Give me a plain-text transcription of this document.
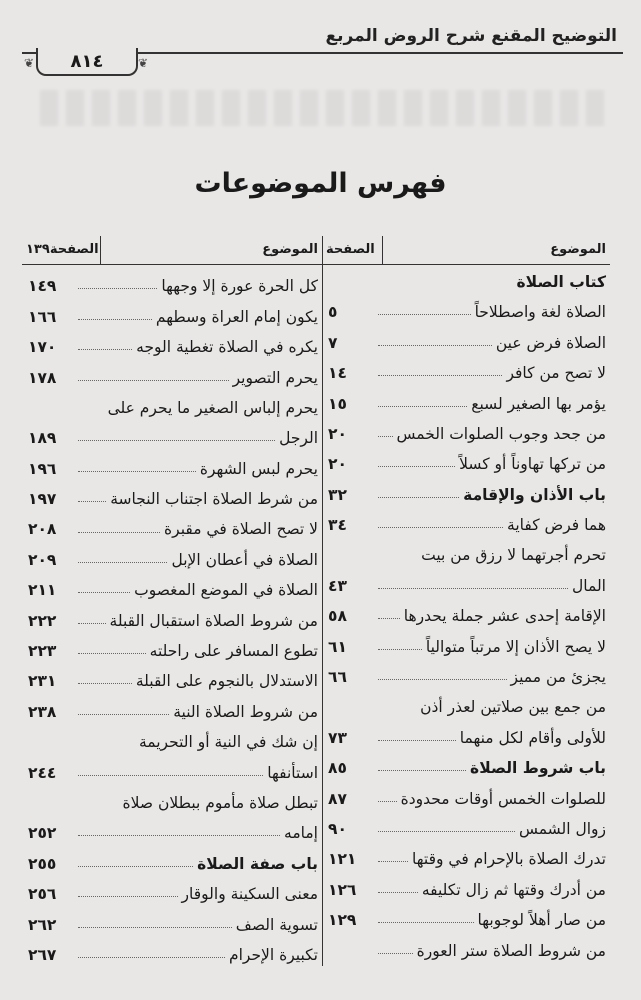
التوضيح المقنع شرح الروض المربع
❦	❦
٨١٤
فهرس الموضوعات
الموضوع
الصفحة
كتاب الصلاة
الصلاة لغة واصطلاحاً
٥
الصلاة فرض عين
٧
لا تصح من كافر
١٤
يؤمر بها الصغير لسبع
١٥
من جحد وجوب الصلوات الخمس
٢٠
من تركها تهاوناً أو كسلاً
٢٠
باب الأذان والإقامة
٣٢
هما فرض كفاية
٣٤
تحرم أجرتهما لا رزق من بيت
المال
٤٣
الإقامة إحدى عشر جملة يحدرها
٥٨
لا يصح الأذان إلا مرتباً متوالياً
٦١
يجزئ من مميز
٦٦
من جمع بين صلاتين لعذر أذن
للأولى وأقام لكل منهما
٧٣
باب شروط الصلاة
٨٥
للصلوات الخمس أوقات محدودة
٨٧
زوال الشمس
٩٠
تدرك الصلاة بالإحرام في وقتها
١٢١
من أدرك وقتها ثم زال تكليفه
١٢٦
من صار أهلاً لوجوبها
١٢٩
من شروط الصلاة ستر العورة
الموضوع
الصفحة١٣٩
كل الحرة عورة إلا وجهها
١٤٩
يكون إمام العراة وسطهم
١٦٦
يكره في الصلاة تغطية الوجه
١٧٠
يحرم التصوير
١٧٨
يحرم إلباس الصغير ما يحرم على
الرجل
١٨٩
يحرم لبس الشهرة
١٩٦
من شرط الصلاة اجتناب النجاسة
١٩٧
لا تصح الصلاة في مقبرة
٢٠٨
الصلاة في أعطان الإبل
٢٠٩
الصلاة في الموضع المغصوب
٢١١
من شروط الصلاة استقبال القبلة
٢٢٢
تطوع المسافر على راحلته
٢٢٣
الاستدلال بالنجوم على القبلة
٢٣١
من شروط الصلاة النية
٢٣٨
إن شك في النية أو التحريمة
استأنفها
٢٤٤
تبطل صلاة مأموم ببطلان صلاة
إمامه
٢٥٢
باب صفة الصلاة
٢٥٥
معنى السكينة والوقار
٢٥٦
تسوية الصف
٢٦٢
تكبيرة الإحرام
٢٦٧
